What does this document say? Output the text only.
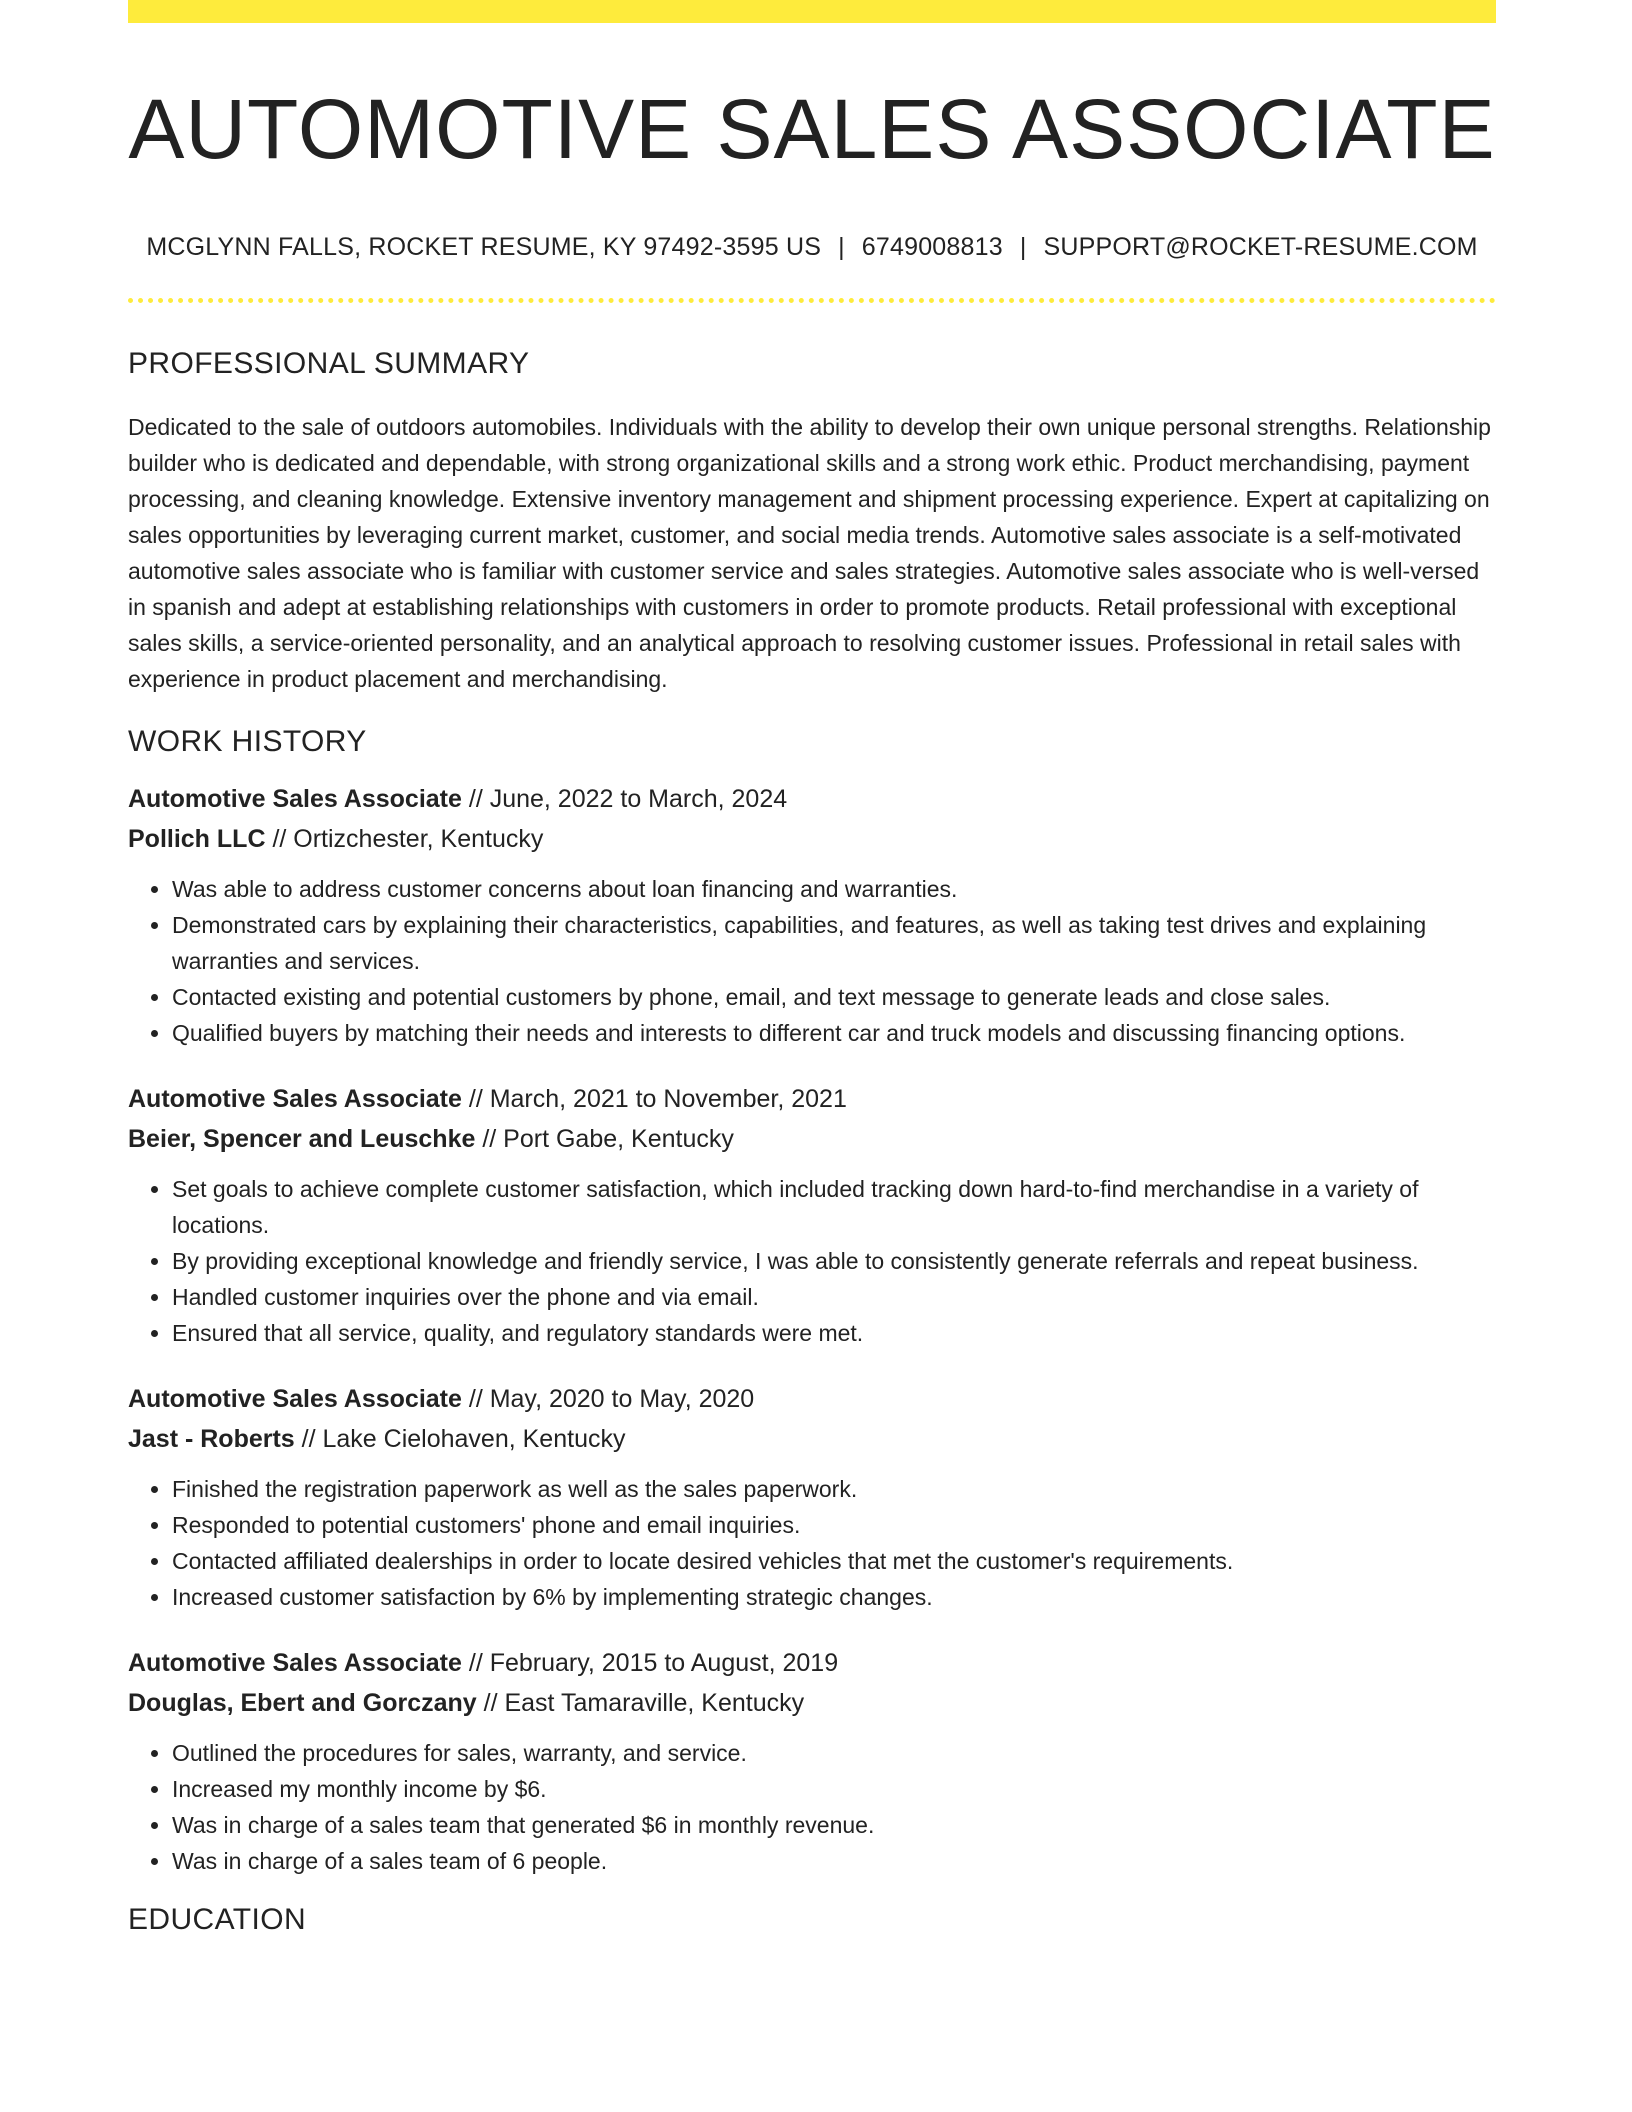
AUTOMOTIVE SALES ASSOCIATE
MCGLYNN FALLS, ROCKET RESUME, KY 97492-3595 US | 6749008813 | SUPPORT@ROCKET-RESUME.COM
PROFESSIONAL SUMMARY

Dedicated to the sale of outdoors automobiles. Individuals with the ability to develop their own unique personal strengths. Relationship builder who is dedicated and dependable, with strong organizational skills and a strong work ethic. Product merchandising, payment processing, and cleaning knowledge. Extensive inventory management and shipment processing experience. Expert at capitalizing on sales opportunities by leveraging current market, customer, and social media trends. Automotive sales associate is a self-motivated automotive sales associate who is familiar with customer service and sales strategies. Automotive sales associate who is well-versed in spanish and adept at establishing relationships with customers in order to promote products. Retail professional with exceptional sales skills, a service-oriented personality, and an analytical approach to resolving customer issues. Professional in retail sales with experience in product placement and merchandising.

WORK HISTORY
Automotive Sales Associate // June, 2022 to March, 2024
Pollich LLC // Ortizchester, Kentucky
• Was able to address customer concerns about loan financing and warranties.
• Demonstrated cars by explaining their characteristics, capabilities, and features, as well as taking test drives and explaining warranties and services.
• Contacted existing and potential customers by phone, email, and text message to generate leads and close sales.
• Qualified buyers by matching their needs and interests to different car and truck models and discussing financing options.
Automotive Sales Associate // March, 2021 to November, 2021
Beier, Spencer and Leuschke // Port Gabe, Kentucky
• Set goals to achieve complete customer satisfaction, which included tracking down hard-to-find merchandise in a variety of locations.
• By providing exceptional knowledge and friendly service, I was able to consistently generate referrals and repeat business.
• Handled customer inquiries over the phone and via email.
• Ensured that all service, quality, and regulatory standards were met.
Automotive Sales Associate // May, 2020 to May, 2020
Jast - Roberts // Lake Cielohaven, Kentucky
• Finished the registration paperwork as well as the sales paperwork.
• Responded to potential customers' phone and email inquiries.
• Contacted affiliated dealerships in order to locate desired vehicles that met the customer's requirements.
• Increased customer satisfaction by 6% by implementing strategic changes.
Automotive Sales Associate // February, 2015 to August, 2019
Douglas, Ebert and Gorczany // East Tamaraville, Kentucky
• Outlined the procedures for sales, warranty, and service.
• Increased my monthly income by $6.
• Was in charge of a sales team that generated $6 in monthly revenue.
• Was in charge of a sales team of 6 people.
EDUCATION
